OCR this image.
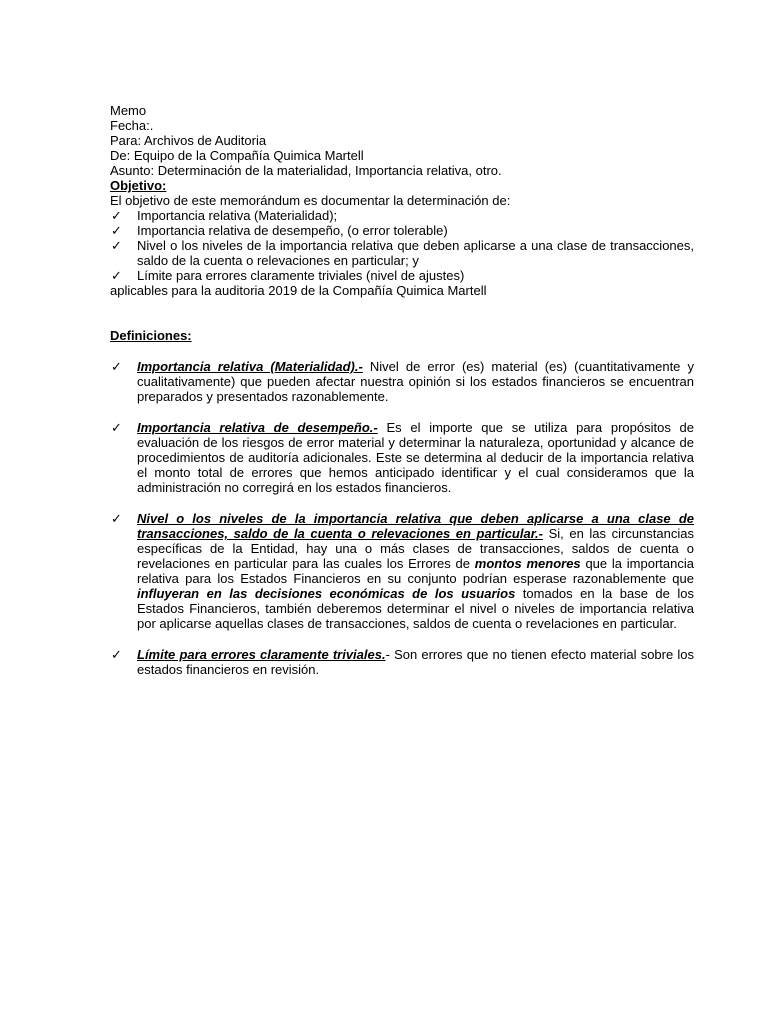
Memo

Fecha:.

Para: Archivos de Auditoria

De: Equipo de la Compañía Quimica Martell

Asunto: Determinación de la materialidad, Importancia relativa, otro.

Objetivo:

El objetivo de este memorándum es documentar la determinación de:

✓ Importancia relativa (Materialidad);
✓ Importancia relativa de desempeño, (o error tolerable)
✓ Nivel o los niveles de la importancia relativa que deben aplicarse a una clase de transacciones, saldo de la cuenta o relevaciones en particular; y
✓ Límite para errores claramente triviales (nivel de ajustes)

aplicables para la auditoria 2019 de la Compañía Quimica Martell

Definiciones:

✓ Importancia relativa (Materialidad).- Nivel de error (es) material (es) (cuantitativamente y cualitativamente) que pueden afectar nuestra opinión si los estados financieros se encuentran preparados y presentados razonablemente.
✓ Importancia relativa de desempeño.- Es el importe que se utiliza para propósitos de evaluación de los riesgos de error material y determinar la naturaleza, oportunidad y alcance de procedimientos de auditoría adicionales. Este se determina al deducir de la importancia relativa el monto total de errores que hemos anticipado identificar y el cual consideramos que la administración no corregirá en los estados financieros.
✓ Nivel o los niveles de la importancia relativa que deben aplicarse a una clase de transacciones, saldo de la cuenta o relevaciones en particular.- Si, en las circunstancias específicas de la Entidad, hay una o más clases de transacciones, saldos de cuenta o revelaciones en particular para las cuales los Errores de montos menores que la importancia relativa para los Estados Financieros en su conjunto podrían esperase razonablemente que influyeran en las decisiones económicas de los usuarios tomados en la base de los Estados Financieros, también deberemos determinar el nivel o niveles de importancia relativa por aplicarse aquellas clases de transacciones, saldos de cuenta o revelaciones en particular.
✓ Límite para errores claramente triviales.- Son errores que no tienen efecto material sobre los estados financieros en revisión.
